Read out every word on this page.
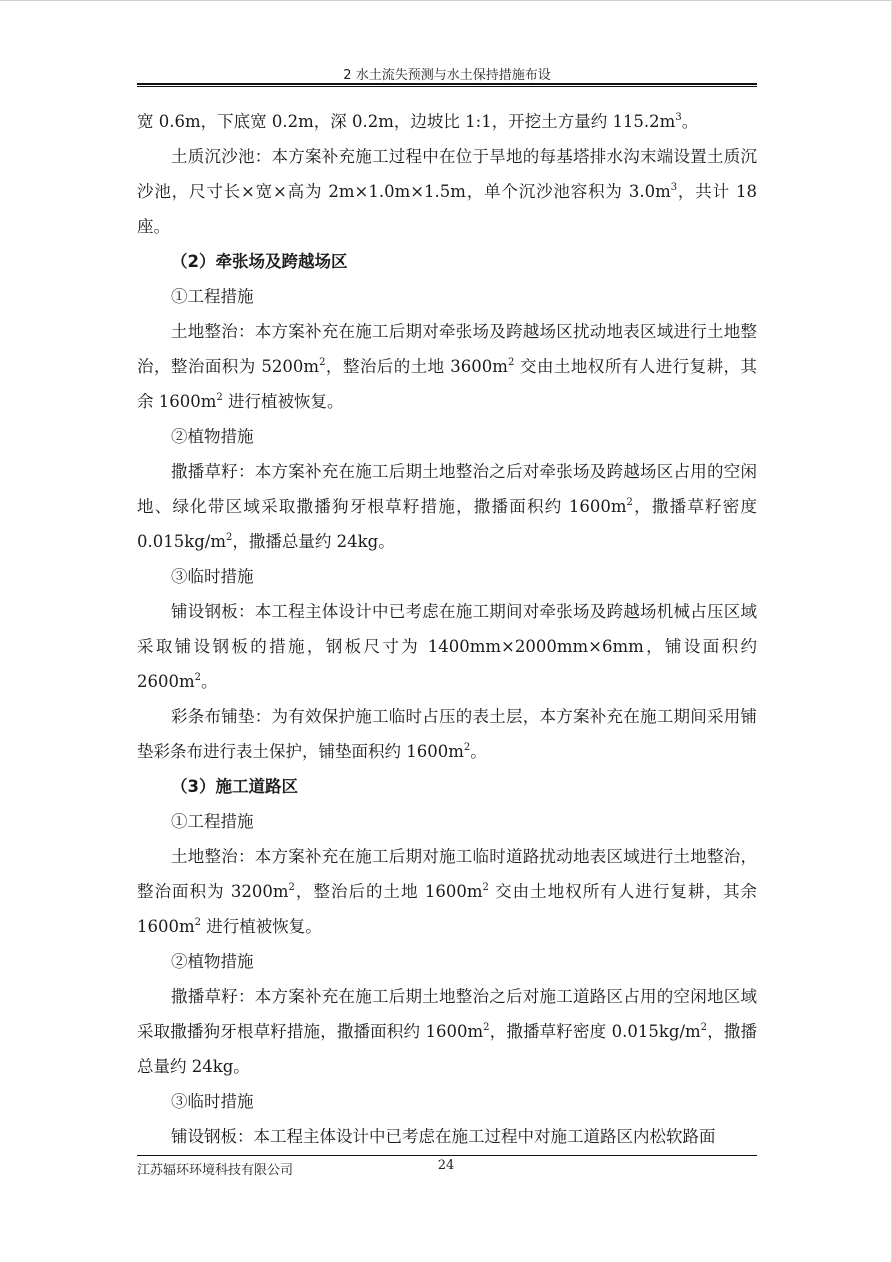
2 水土流失预测与水土保持措施布设

宽 0.6m，下底宽 0.2m，深 0.2m，边坡比 1:1，开挖土方量约 $115.2m^3$。

土质沉沙池：本方案补充施工过程中在位于旱地的每基塔排水沟末端设置土质沉沙池，尺寸长×宽×高为 2m×1.0m×1.5m，单个沉沙池容积为 $3.0m^3$，共计 18 座。

（2）牵张场及跨越场区

①工程措施

土地整治：本方案补充在施工后期对牵张场及跨越场区扰动地表区域进行土地整治，整治面积为 $5200m^2$，整治后的土地 $3600m^2$ 交由土地权所有人进行复耕，其余 $1600m^2$ 进行植被恢复。

②植物措施

撒播草籽：本方案补充在施工后期土地整治之后对牵张场及跨越场区占用的空闲地、绿化带区域采取撒播狗牙根草籽措施，撒播面积约 $1600m^2$，撒播草籽密度 $0.015kg/m^2$，撒播总量约 24kg。

③临时措施

铺设钢板：本工程主体设计中已考虑在施工期间对牵张场及跨越场机械占压区域采取铺设钢板的措施，钢板尺寸为 1400mm×2000mm×6mm，铺设面积约 $2600m^2$。

彩条布铺垫：为有效保护施工临时占压的表土层，本方案补充在施工期间采用铺垫彩条布进行表土保护，铺垫面积约 $1600m^2$。

（3）施工道路区

①工程措施

土地整治：本方案补充在施工后期对施工临时道路扰动地表区域进行土地整治，整治面积为 $3200m^2$，整治后的土地 $1600m^2$ 交由土地权所有人进行复耕，其余 $1600m^2$ 进行植被恢复。

②植物措施

撒播草籽：本方案补充在施工后期土地整治之后对施工道路区占用的空闲地区域采取撒播狗牙根草籽措施，撒播面积约 $1600m^2$，撒播草籽密度 $0.015kg/m^2$，撒播总量约 24kg。

③临时措施

铺设钢板：本工程主体设计中已考虑在施工过程中对施工道路区内松软路面

江苏辐环环境科技有限公司	24
